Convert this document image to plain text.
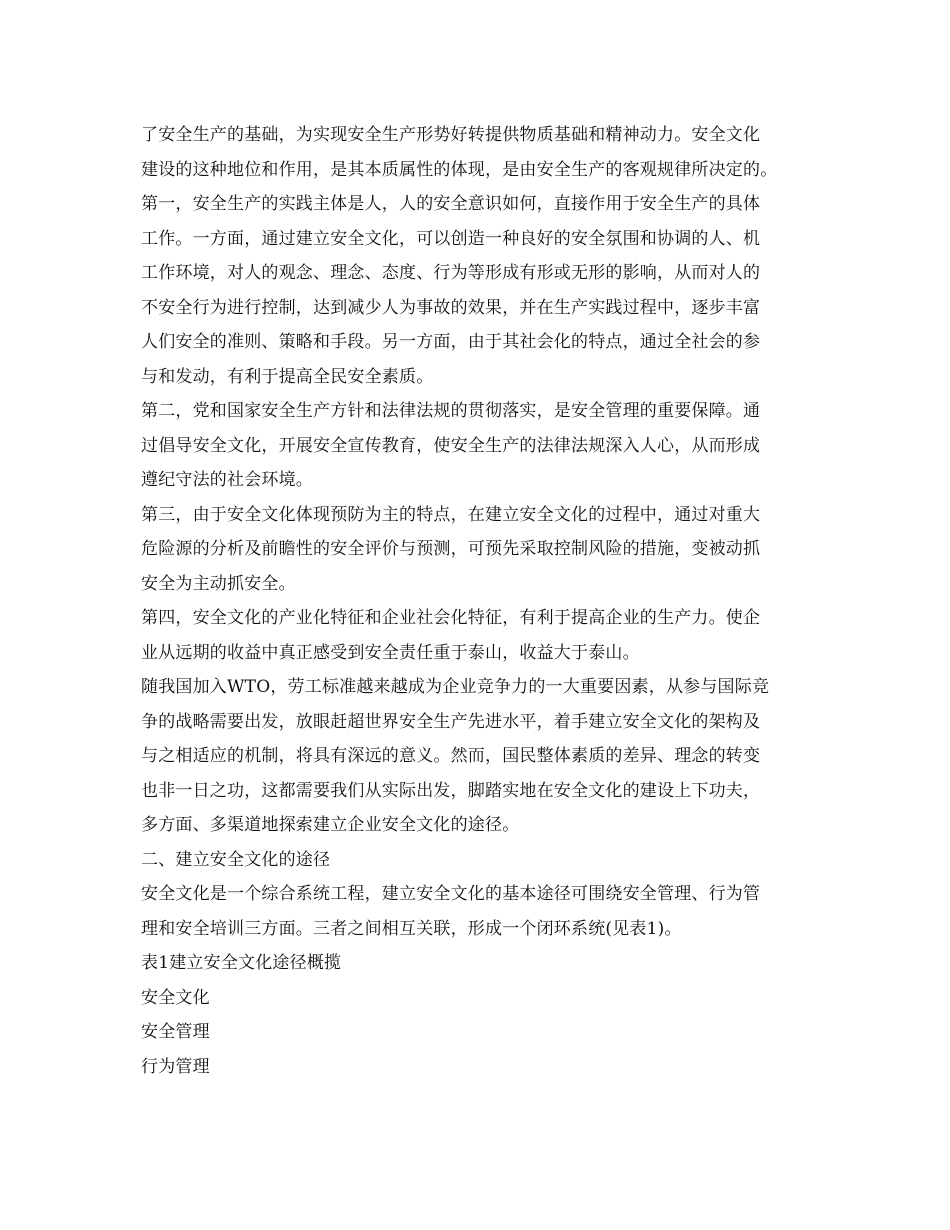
了安全生产的基础，为实现安全生产形势好转提供物质基础和精神动力。安全文化
建设的这种地位和作用，是其本质属性的体现，是由安全生产的客观规律所决定的。
第一，安全生产的实践主体是人，人的安全意识如何，直接作用于安全生产的具体
工作。一方面，通过建立安全文化，可以创造一种良好的安全氛围和协调的人、机
工作环境，对人的观念、理念、态度、行为等形成有形或无形的影响，从而对人的
不安全行为进行控制，达到减少人为事故的效果，并在生产实践过程中，逐步丰富
人们安全的准则、策略和手段。另一方面，由于其社会化的特点，通过全社会的参
与和发动，有利于提高全民安全素质。
第二，党和国家安全生产方针和法律法规的贯彻落实，是安全管理的重要保障。通
过倡导安全文化，开展安全宣传教育，使安全生产的法律法规深入人心，从而形成
遵纪守法的社会环境。
第三，由于安全文化体现预防为主的特点，在建立安全文化的过程中，通过对重大
危险源的分析及前瞻性的安全评价与预测，可预先采取控制风险的措施，变被动抓
安全为主动抓安全。
第四，安全文化的产业化特征和企业社会化特征，有利于提高企业的生产力。使企
业从远期的收益中真正感受到安全责任重于泰山，收益大于泰山。
随我国加入WTO，劳工标准越来越成为企业竞争力的一大重要因素，从参与国际竞
争的战略需要出发，放眼赶超世界安全生产先进水平，着手建立安全文化的架构及
与之相适应的机制，将具有深远的意义。然而，国民整体素质的差异、理念的转变
也非一日之功，这都需要我们从实际出发，脚踏实地在安全文化的建设上下功夫，
多方面、多渠道地探索建立企业安全文化的途径。
二、建立安全文化的途径
安全文化是一个综合系统工程，建立安全文化的基本途径可围绕安全管理、行为管
理和安全培训三方面。三者之间相互关联，形成一个闭环系统(见表1)。
表1建立安全文化途径概揽
安全文化
安全管理
行为管理
